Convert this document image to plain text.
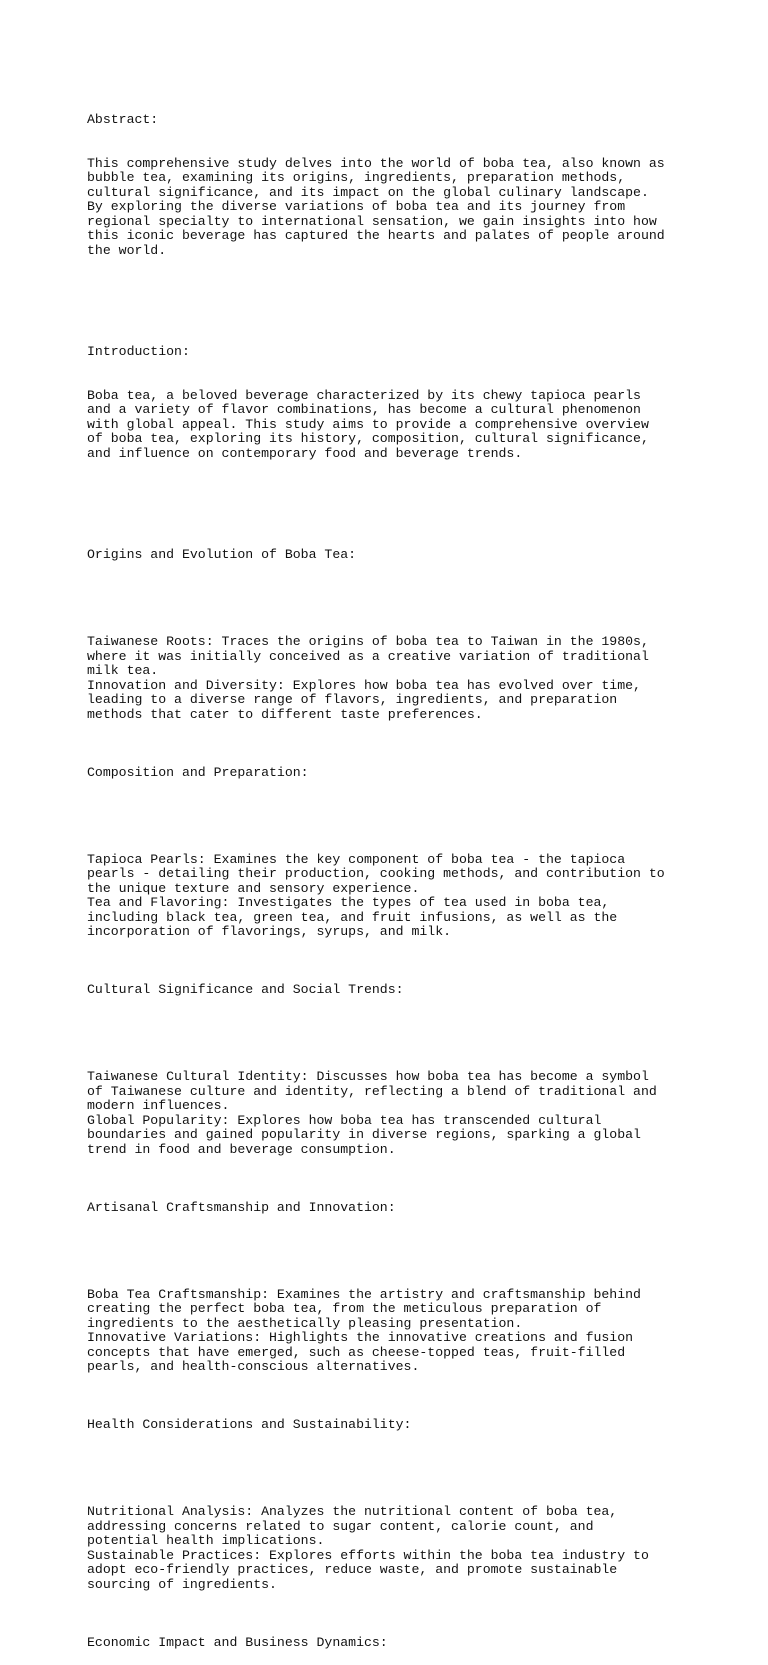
Abstract:

This comprehensive study delves into the world of boba tea, also known as
bubble tea, examining its origins, ingredients, preparation methods,
cultural significance, and its impact on the global culinary landscape.
By exploring the diverse variations of boba tea and its journey from
regional specialty to international sensation, we gain insights into how
this iconic beverage has captured the hearts and palates of people around
the world.

Introduction:

Boba tea, a beloved beverage characterized by its chewy tapioca pearls
and a variety of flavor combinations, has become a cultural phenomenon
with global appeal. This study aims to provide a comprehensive overview
of boba tea, exploring its history, composition, cultural significance,
and influence on contemporary food and beverage trends.

Origins and Evolution of Boba Tea:

Taiwanese Roots: Traces the origins of boba tea to Taiwan in the 1980s,
where it was initially conceived as a creative variation of traditional
milk tea.
Innovation and Diversity: Explores how boba tea has evolved over time,
leading to a diverse range of flavors, ingredients, and preparation
methods that cater to different taste preferences.

Composition and Preparation:

Tapioca Pearls: Examines the key component of boba tea - the tapioca
pearls - detailing their production, cooking methods, and contribution to
the unique texture and sensory experience.
Tea and Flavoring: Investigates the types of tea used in boba tea,
including black tea, green tea, and fruit infusions, as well as the
incorporation of flavorings, syrups, and milk.

Cultural Significance and Social Trends:

Taiwanese Cultural Identity: Discusses how boba tea has become a symbol
of Taiwanese culture and identity, reflecting a blend of traditional and
modern influences.
Global Popularity: Explores how boba tea has transcended cultural
boundaries and gained popularity in diverse regions, sparking a global
trend in food and beverage consumption.

Artisanal Craftsmanship and Innovation:

Boba Tea Craftsmanship: Examines the artistry and craftsmanship behind
creating the perfect boba tea, from the meticulous preparation of
ingredients to the aesthetically pleasing presentation.
Innovative Variations: Highlights the innovative creations and fusion
concepts that have emerged, such as cheese-topped teas, fruit-filled
pearls, and health-conscious alternatives.

Health Considerations and Sustainability:

Nutritional Analysis: Analyzes the nutritional content of boba tea,
addressing concerns related to sugar content, calorie count, and
potential health implications.
Sustainable Practices: Explores efforts within the boba tea industry to
adopt eco-friendly practices, reduce waste, and promote sustainable
sourcing of ingredients.

Economic Impact and Business Dynamics:
